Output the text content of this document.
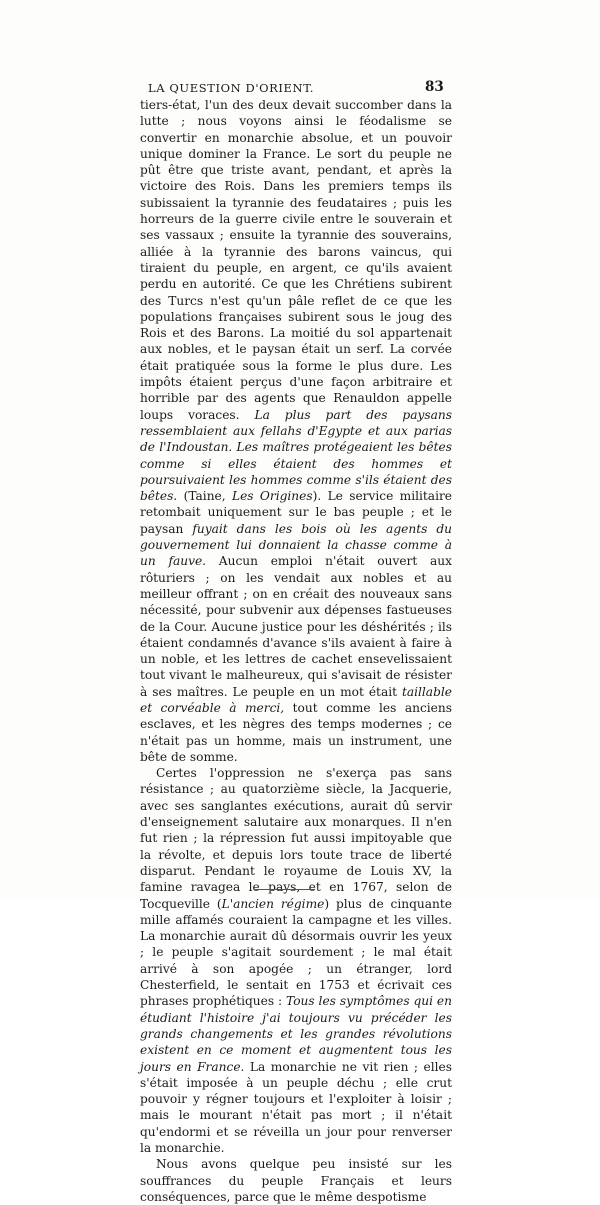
LA QUESTION D'ORIENT.	83

tiers-état, l'un des deux devait succomber dans la lutte ; nous voyons ainsi le féodalisme se convertir en monarchie absolue, et un pouvoir unique dominer la France. Le sort du peuple ne pût être que triste avant, pendant, et après la victoire des Rois. Dans les premiers temps ils subissaient la tyrannie des feudataires ; puis les horreurs de la guerre civile entre le souverain et ses vassaux ; ensuite la tyrannie des souverains, alliée à la tyrannie des barons vaincus, qui tiraient du peuple, en argent, ce qu'ils avaient perdu en autorité. Ce que les Chrétiens subirent des Turcs n'est qu'un pâle reflet de ce que les populations françaises subirent sous le joug des Rois et des Barons. La moitié du sol appartenait aux nobles, et le paysan était un serf. La corvée était pratiquée sous la forme le plus dure. Les impôts étaient perçus d'une façon arbitraire et horrible par des agents que Renauldon appelle loups voraces. La plus part des paysans ressemblaient aux fellahs d'Egypte et aux parias de l'Indoustan. Les maîtres protégeaient les bêtes comme si elles étaient des hommes et poursuivaient les hommes comme s'ils étaient des bêtes. (Taine, Les Origines). Le service militaire retombait uniquement sur le bas peuple ; et le paysan fuyait dans les bois où les agents du gouvernement lui donnaient la chasse comme à un fauve. Aucun emploi n'était ouvert aux rôturiers ; on les vendait aux nobles et au meilleur offrant ; on en créait des nouveaux sans nécessité, pour subvenir aux dépenses fastueuses de la Cour. Aucune justice pour les déshérités ; ils étaient condamnés d'avance s'ils avaient à faire à un noble, et les lettres de cachet ensevelissaient tout vivant le malheureux, qui s'avisait de résister à ses maîtres. Le peuple en un mot était taillable et corvéable à merci, tout comme les anciens esclaves, et les nègres des temps modernes ; ce n'était pas un homme, mais un instrument, une bête de somme.

Certes l'oppression ne s'exerça pas sans résistance ; au quatorzième siècle, la Jacquerie, avec ses sanglantes exécutions, aurait dû servir d'enseignement salutaire aux monarques. Il n'en fut rien ; la répression fut aussi impitoyable que la révolte, et depuis lors toute trace de liberté disparut. Pendant le royaume de Louis XV, la famine ravagea le pays, et en 1767, selon de Tocqueville (L'ancien régime) plus de cinquante mille affamés couraient la campagne et les villes. La monarchie aurait dû désormais ouvrir les yeux ; le peuple s'agitait sourdement ; le mal était arrivé à son apogée ; un étranger, lord Chesterfield, le sentait en 1753 et écrivait ces phrases prophétiques : Tous les symptômes qui en étudiant l'histoire j'ai toujours vu précéder les grands changements et les grandes révolutions existent en ce moment et augmentent tous les jours en France. La monarchie ne vit rien ; elles s'était imposée à un peuple déchu ; elle crut pouvoir y régner toujours et l'exploiter à loisir ; mais le mourant n'était pas mort ; il n'était qu'endormi et se réveilla un jour pour renverser la monarchie.

Nous avons quelque peu insisté sur les souffrances du peuple Français et leurs conséquences, parce que le même despotisme
